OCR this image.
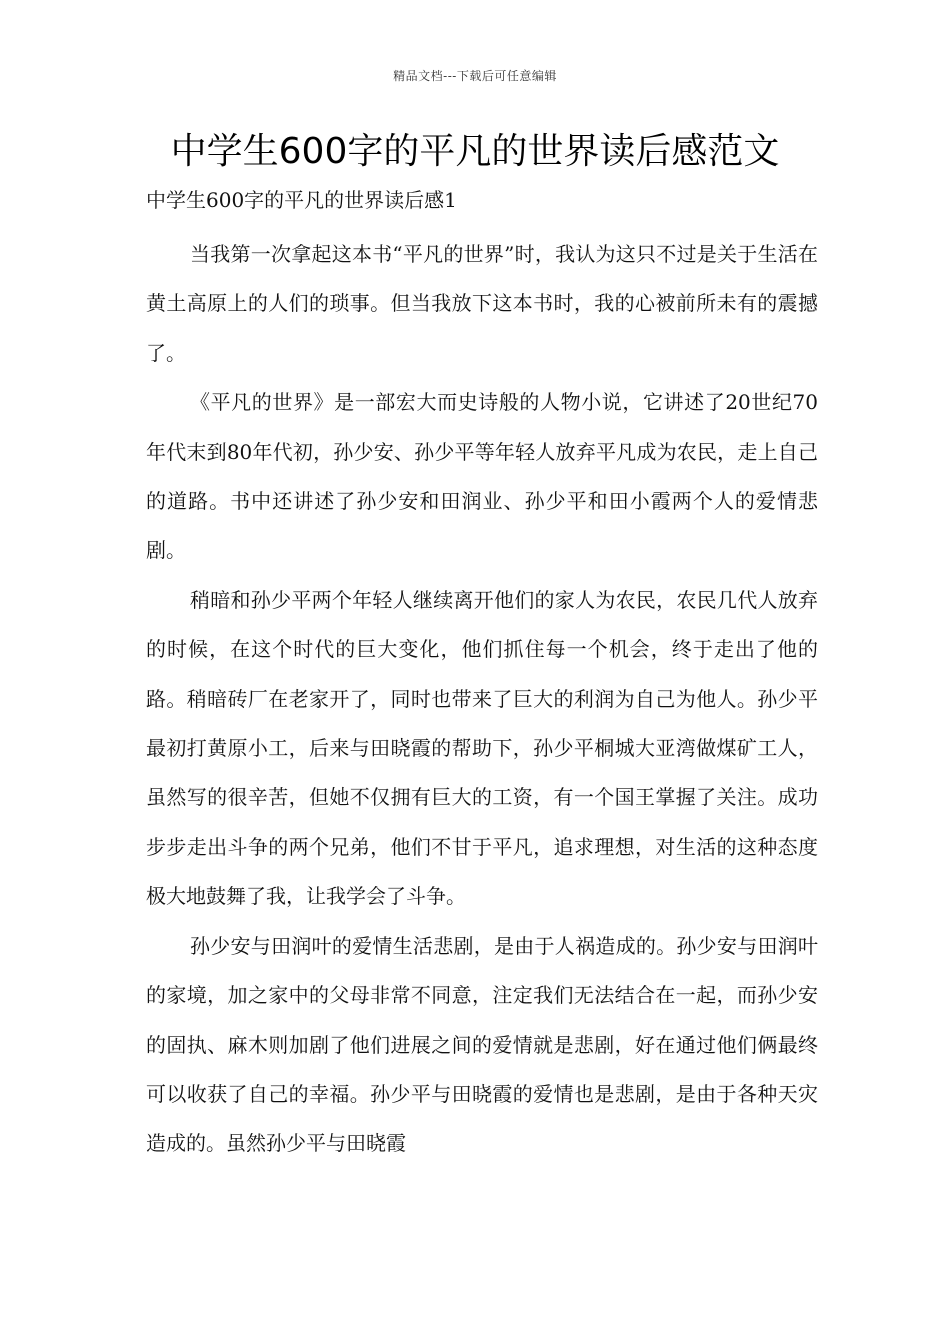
精品文档---下载后可任意编辑
中学生600字的平凡的世界读后感范文
中学生600字的平凡的世界读后感1

当我第一次拿起这本书“平凡的世界”时，我认为这只不过是关于生活在黄土高原上的人们的琐事。但当我放下这本书时，我的心被前所未有的震撼了。

《平凡的世界》是一部宏大而史诗般的人物小说，它讲述了20世纪70年代末到80年代初，孙少安、孙少平等年轻人放弃平凡成为农民，走上自己的道路。书中还讲述了孙少安和田润业、孙少平和田小霞两个人的爱情悲剧。

稍暗和孙少平两个年轻人继续离开他们的家人为农民，农民几代人放弃的时候，在这个时代的巨大变化，他们抓住每一个机会，终于走出了他的路。稍暗砖厂在老家开了，同时也带来了巨大的利润为自己为他人。孙少平最初打黄原小工，后来与田晓霞的帮助下，孙少平桐城大亚湾做煤矿工人，虽然写的很辛苦，但她不仅拥有巨大的工资，有一个国王掌握了关注。成功步步走出斗争的两个兄弟，他们不甘于平凡，追求理想，对生活的这种态度极大地鼓舞了我，让我学会了斗争。

孙少安与田润叶的爱情生活悲剧，是由于人祸造成的。孙少安与田润叶的家境，加之家中的父母非常不同意，注定我们无法结合在一起，而孙少安的固执、麻木则加剧了他们进展之间的爱情就是悲剧，好在通过他们俩最终可以收获了自己的幸福。孙少平与田晓霞的爱情也是悲剧，是由于各种天灾造成的。虽然孙少平与田晓霞
